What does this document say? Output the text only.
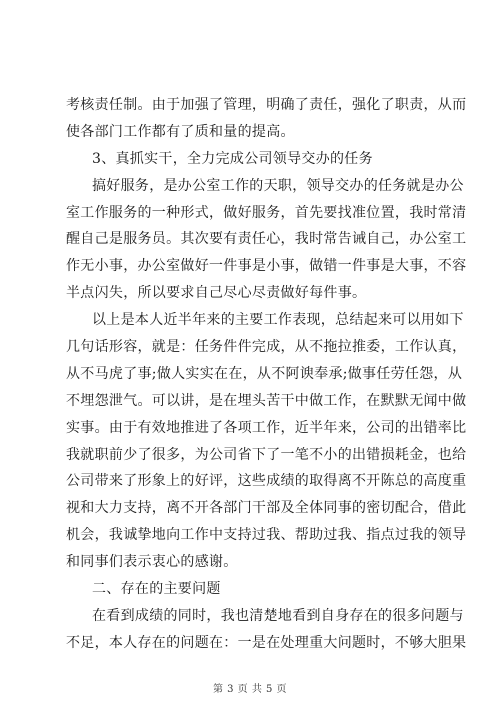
考核责任制。由于加强了管理，明确了责任，强化了职责，从而
使各部门工作都有了质和量的提高。
3、真抓实干，全力完成公司领导交办的任务
搞好服务，是办公室工作的天职，领导交办的任务就是办公
室工作服务的一种形式，做好服务，首先要找准位置，我时常清
醒自己是服务员。其次要有责任心，我时常告诫自己，办公室工
作无小事，办公室做好一件事是小事，做错一件事是大事，不容
半点闪失，所以要求自己尽心尽责做好每件事。
以上是本人近半年来的主要工作表现，总结起来可以用如下
几句话形容，就是：任务件件完成，从不拖拉推委，工作认真，
从不马虎了事;做人实实在在，从不阿谀奉承;做事任劳任怨，从
不埋怨泄气。可以讲，是在埋头苦干中做工作，在默默无闻中做
实事。由于有效地推进了各项工作，近半年来，公司的出错率比
我就职前少了很多，为公司省下了一笔不小的出错损耗金，也给
公司带来了形象上的好评，这些成绩的取得离不开陈总的高度重
视和大力支持，离不开各部门干部及全体同事的密切配合，借此
机会，我诚挚地向工作中支持过我、帮助过我、指点过我的领导
和同事们表示衷心的感谢。
二、存在的主要问题
在看到成绩的同时，我也清楚地看到自身存在的很多问题与
不足，本人存在的问题在：一是在处理重大问题时，不够大胆果
第 3 页 共 5 页
